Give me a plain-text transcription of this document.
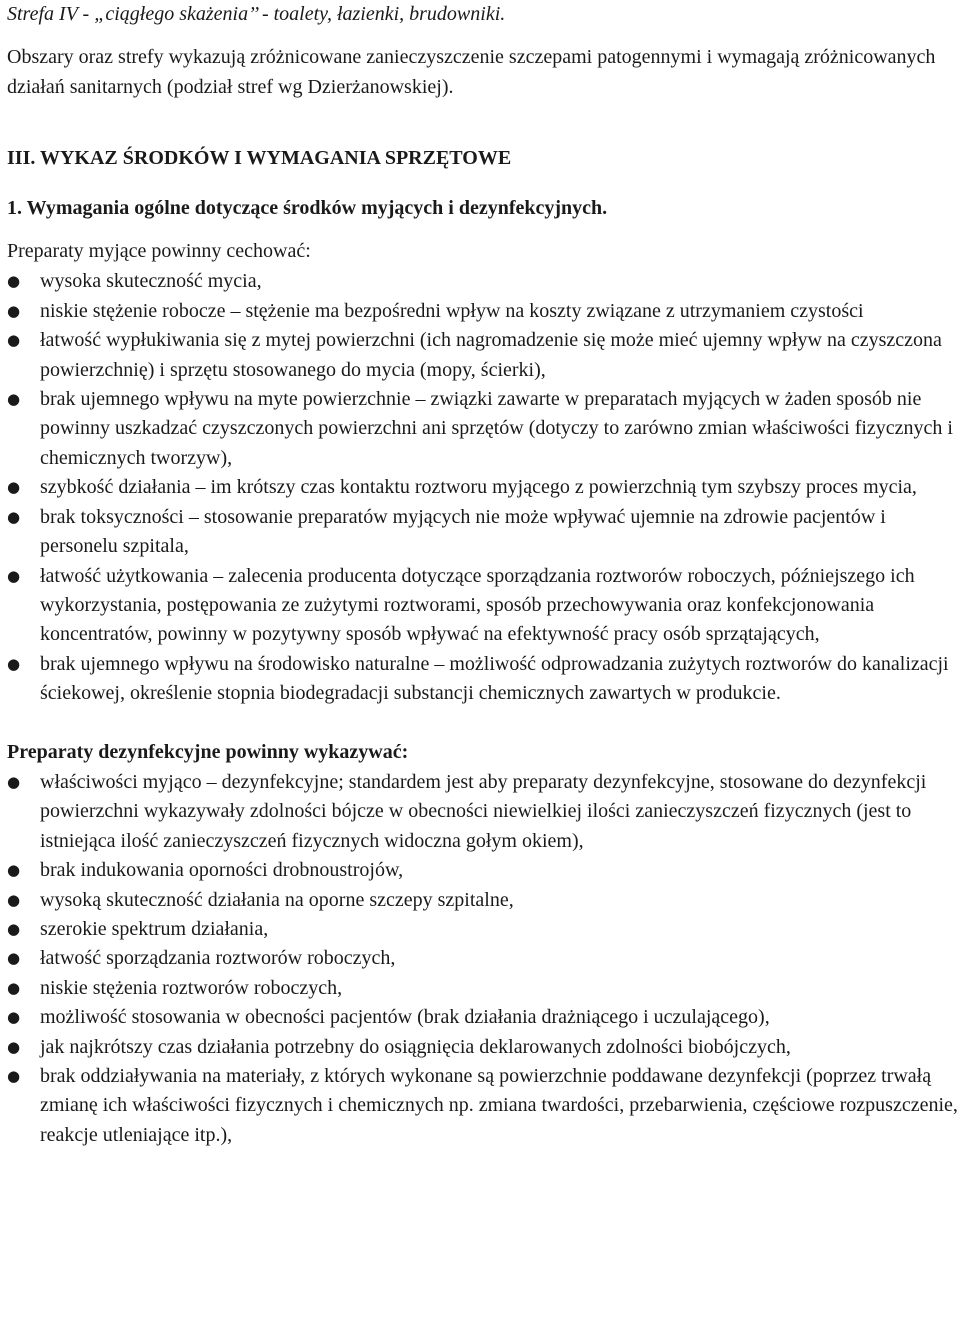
Strefa IV - „ciągłego skażenia’’ - toalety, łazienki, brudowniki.

Obszary oraz strefy wykazują zróżnicowane zanieczyszczenie szczepami patogennymi i wymagają zróżnicowanych działań sanitarnych (podział stref wg Dzierżanowskiej).

III. WYKAZ ŚRODKÓW I WYMAGANIA SPRZĘTOWE

1. Wymagania ogólne dotyczące środków myjących i dezynfekcyjnych.

Preparaty myjące powinny cechować:

● wysoka skuteczność mycia,
● niskie stężenie robocze – stężenie ma bezpośredni wpływ na koszty związane z utrzymaniem czystości
● łatwość wypłukiwania się z mytej powierzchni (ich nagromadzenie się może mieć ujemny wpływ na czyszczona powierzchnię) i sprzętu stosowanego do mycia (mopy, ścierki),
● brak ujemnego wpływu na myte powierzchnie – związki zawarte w preparatach myjących w żaden sposób nie powinny uszkadzać czyszczonych powierzchni ani sprzętów (dotyczy to zarówno zmian właściwości fizycznych i chemicznych tworzyw),
● szybkość działania – im krótszy czas kontaktu roztworu myjącego z powierzchnią tym szybszy proces mycia,
● brak toksyczności – stosowanie preparatów myjących nie może wpływać ujemnie na zdrowie pacjentów i personelu szpitala,
● łatwość użytkowania – zalecenia producenta dotyczące sporządzania roztworów roboczych, późniejszego ich wykorzystania, postępowania ze zużytymi roztworami, sposób przechowywania oraz konfekcjonowania koncentratów, powinny w pozytywny sposób wpływać na efektywność pracy osób sprzątających,
● brak ujemnego wpływu na środowisko naturalne – możliwość odprowadzania zużytych roztworów do kanalizacji ściekowej, określenie stopnia biodegradacji substancji chemicznych zawartych w produkcie.

Preparaty dezynfekcyjne powinny wykazywać:

● właściwości myjąco – dezynfekcyjne; standardem jest aby preparaty dezynfekcyjne, stosowane do dezynfekcji powierzchni wykazywały zdolności bójcze w obecności niewielkiej ilości zanieczyszczeń fizycznych (jest to istniejąca ilość zanieczyszczeń fizycznych widoczna gołym okiem),
● brak indukowania oporności drobnoustrojów,
● wysoką skuteczność działania na oporne szczepy szpitalne,
● szerokie spektrum działania,
● łatwość sporządzania roztworów roboczych,
● niskie stężenia roztworów roboczych,
● możliwość stosowania w obecności pacjentów (brak działania drażniącego i uczulającego),
● jak najkrótszy czas działania potrzebny do osiągnięcia deklarowanych zdolności biobójczych,
● brak oddziaływania na materiały, z których wykonane są powierzchnie poddawane dezynfekcji (poprzez trwałą zmianę ich właściwości fizycznych i chemicznych np. zmiana twardości, przebarwienia, częściowe rozpuszczenie, reakcje utleniające itp.),
